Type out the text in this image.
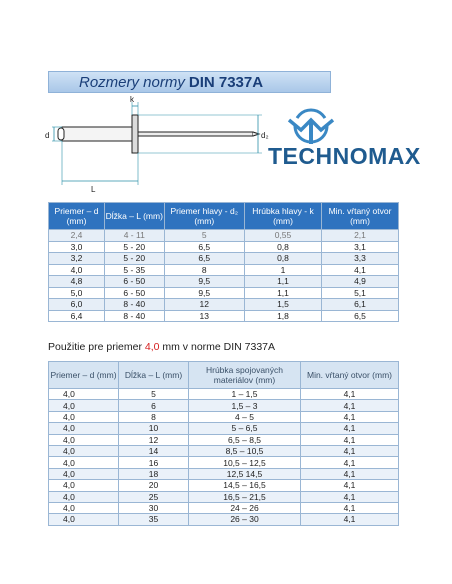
Rozmery normy DIN 7337A
d
k
d₂
L
TECHNOMAX
Priemer – d (mm)	Dĺžka – L (mm)	Priemer hlavy - d₂ (mm)	Hrúbka hlavy - k (mm)	Min. vŕtaný otvor (mm)
2,4	4 - 11	5	0,55	2,1
3,0	5 - 20	6,5	0,8	3,1
3,2	5 - 20	6,5	0,8	3,3
4,0	5 - 35	8	1	4,1
4,8	6 - 50	9,5	1,1	4,9
5,0	6 - 50	9,5	1,1	5,1
6,0	8 - 40	12	1,5	6,1
6,4	8 - 40	13	1,8	6,5
Použitie pre priemer 4,0 mm v norme DIN 7337A
Priemer – d (mm)	Dĺžka – L (mm)	Hrúbka spojovaných materiálov (mm)	Min. vŕtaný otvor (mm)
4,0	5	1 – 1,5	4,1
4,0	6	1,5 – 3	4,1
4,0	8	4 – 5	4,1
4,0	10	5 – 6,5	4,1
4,0	12	6,5 – 8,5	4,1
4,0	14	8,5 – 10,5	4,1
4,0	16	10,5 – 12,5	4,1
4,0	18	12,5 14,5	4,1
4,0	20	14,5 – 16,5	4,1
4,0	25	16,5 – 21,5	4,1
4,0	30	24 – 26	4,1
4,0	35	26 – 30	4,1
